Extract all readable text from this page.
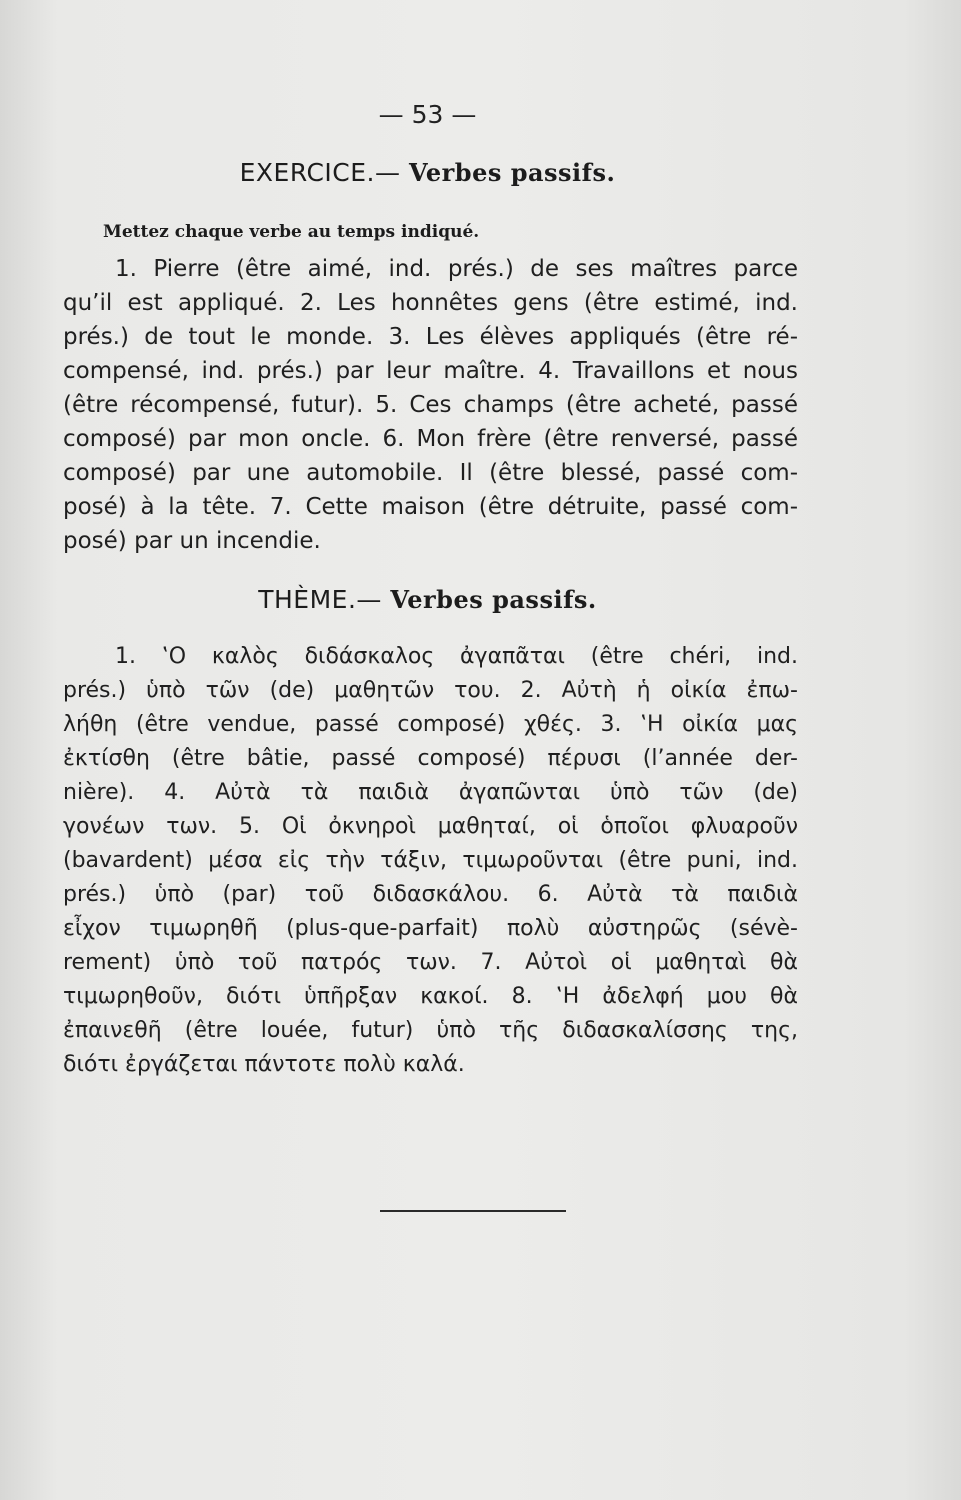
— 53 —
EXERCICE.— Verbes passifs.
Mettez chaque verbe au temps indiqué.
1. Pierre (être aimé, ind. prés.) de ses maîtres parce
qu’il est appliqué. 2. Les honnêtes gens (être estimé, ind.
prés.) de tout le monde. 3. Les élèves appliqués (être ré-
compensé, ind. prés.) par leur maître. 4. Travaillons et nous
(être récompensé, futur). 5. Ces champs (être acheté, passé
composé) par mon oncle. 6. Mon frère (être renversé, passé
composé) par une automobile. Il (être blessé, passé com-
posé) à la tête. 7. Cette maison (être détruite, passé com-
posé) par un incendie.
THÈME.— Verbes passifs.
1. ‛Ο καλὸς διδάσκαλος ἀγαπᾶται (être chéri, ind.
prés.) ὑπὸ τῶν (de) μαθητῶν του. 2. Αὐτὴ ἡ οἰκία ἐπω-
λήθη (être vendue, passé composé) χθές. 3. ‛Η οἰκία μας
ἐκτίσθη (être bâtie, passé composé) πέρυσι (l’année der-
nière). 4. Αὐτὰ τὰ παιδιὰ ἀγαπῶνται ὑπὸ τῶν (de)
γονέων των. 5. Οἱ ὀκνηροὶ μαθηταί, οἱ ὁποῖοι φλυαροῦν
(bavardent) μέσα εἰς τὴν τάξιν, τιμωροῦνται (être puni, ind.
prés.) ὑπὸ (par) τοῦ διδασκάλου. 6. Αὐτὰ τὰ παιδιὰ
εἶχον τιμωρηθῆ (plus-que-parfait) πολὺ αὐστηρῶς (sévè-
rement) ὑπὸ τοῦ πατρός των. 7. Αὐτοὶ οἱ μαθηταὶ θὰ
τιμωρηθοῦν, διότι ὑπῆρξαν κακοί. 8. ‛Η ἀδελφή μου θὰ
ἐπαινεθῆ (être louée, futur) ὑπὸ τῆς διδασκαλίσσης της,
διότι ἐργάζεται πάντοτε πολὺ καλά.
